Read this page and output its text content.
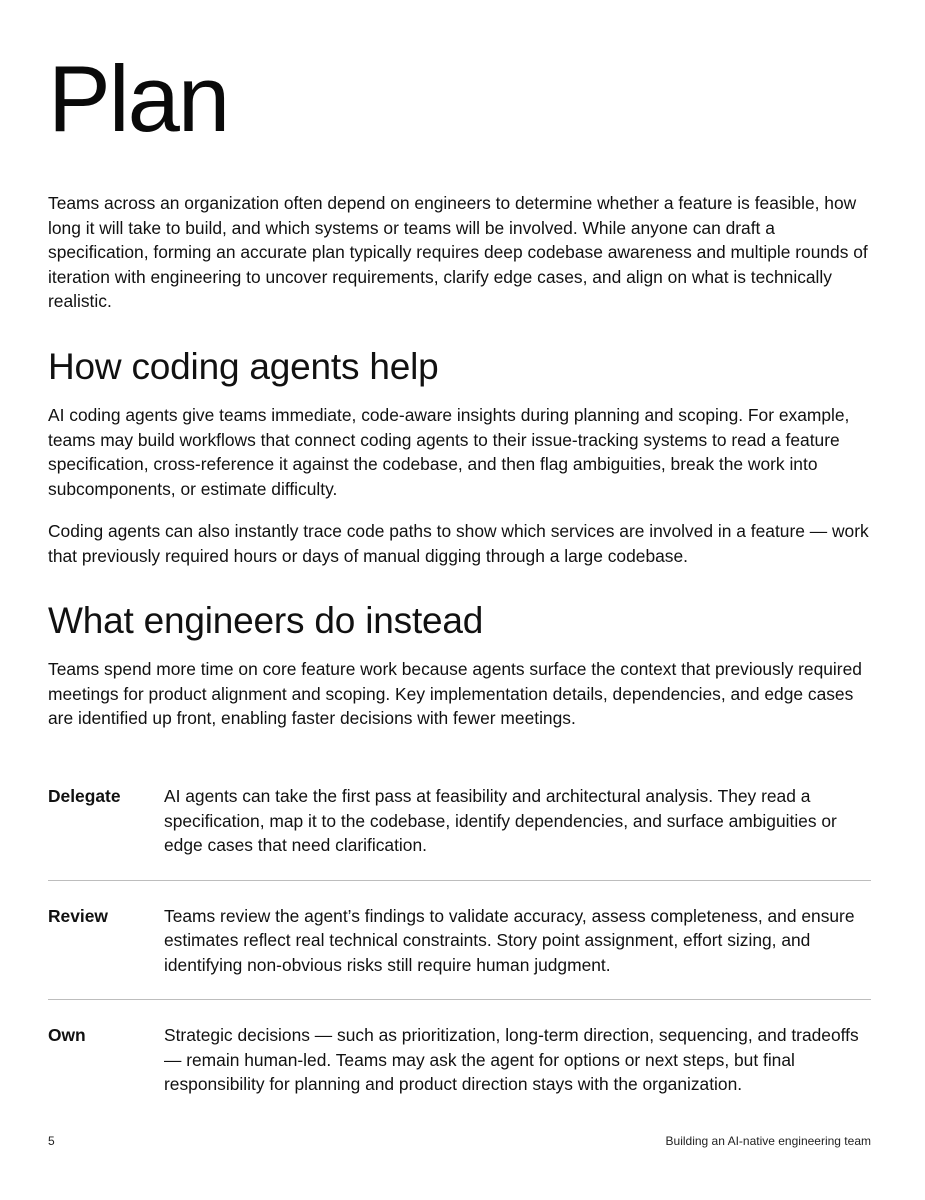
Plan

Teams across an organization often depend on engineers to determine whether a feature is feasible, how long it will take to build, and which systems or teams will be involved. While anyone can draft a specification, forming an accurate plan typically requires deep codebase awareness and multiple rounds of iteration with engineering to uncover requirements, clarify edge cases, and align on what is technically realistic.

How coding agents help

AI coding agents give teams immediate, code-aware insights during planning and scoping. For example, teams may build workflows that connect coding agents to their issue-tracking systems to read a feature specification, cross-reference it against the codebase, and then flag ambiguities, break the work into subcomponents, or estimate difficulty.

Coding agents can also instantly trace code paths to show which services are involved in a feature — work that previously required hours or days of manual digging through a large codebase.

What engineers do instead

Teams spend more time on core feature work because agents surface the context that previously required meetings for product alignment and scoping. Key implementation details, dependencies, and edge cases are identified up front, enabling faster decisions with fewer meetings.

Delegate	AI agents can take the first pass at feasibility and architectural analysis. They read a specification, map it to the codebase, identify dependencies, and surface ambiguities or edge cases that need clarification.
Review	Teams review the agent’s findings to validate accuracy, assess completeness, and ensure estimates reflect real technical constraints. Story point assignment, effort sizing, and identifying non-obvious risks still require human judgment.
Own	Strategic decisions — such as prioritization, long-term direction, sequencing, and tradeoffs — remain human-led. Teams may ask the agent for options or next steps, but final responsibility for planning and product direction stays with the organization.
5	Building an AI-native engineering team
